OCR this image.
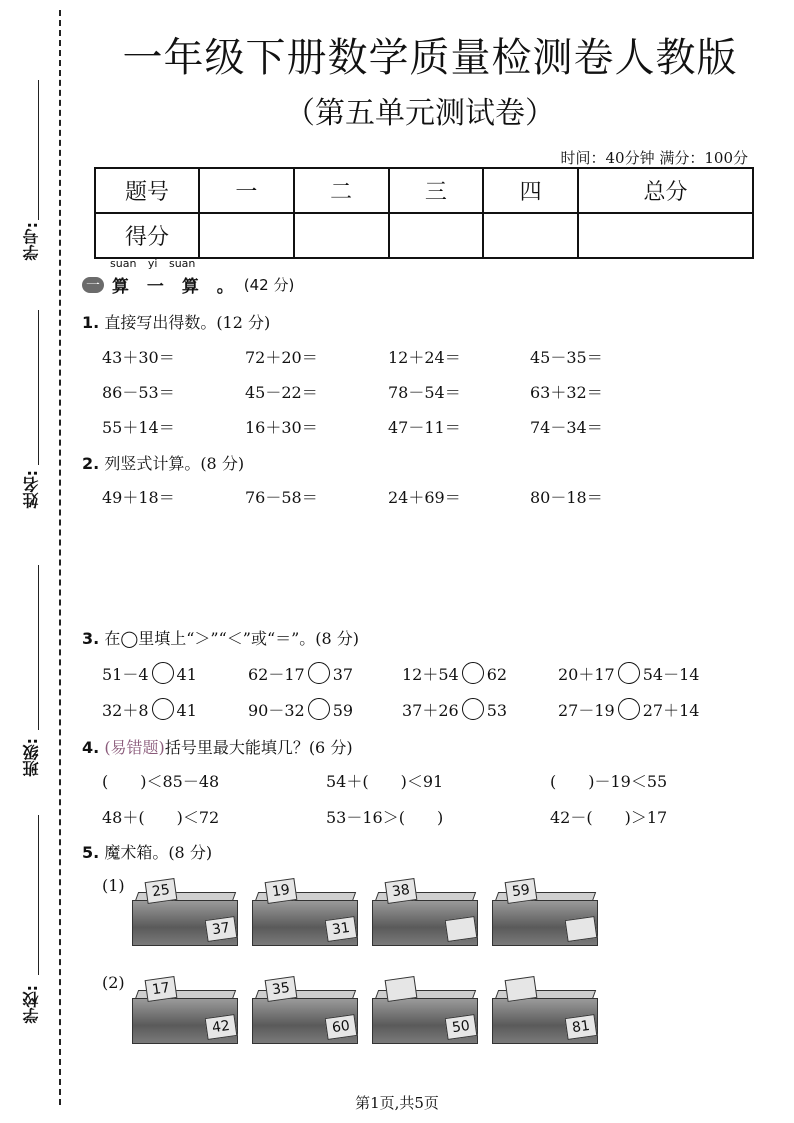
学号:
姓名:
班级:
学校:
一年级下册数学质量检测卷人教版
（第五单元测试卷）
时间：40分钟 满分：100分
题号	一	二	三	四	总分
得分					
suan yi suan
一 算 一 算 。 (42 分)
1. 直接写出得数。(12 分)
43＋30＝	72＋20＝	12＋24＝	45－35＝
86－53＝	45－22＝	78－54＝	63＋32＝
55＋14＝	16＋30＝	47－11＝	74－34＝
2. 列竖式计算。(8 分)
49＋18＝	76－58＝	24＋69＝	80－18＝
3. 在◯里填上“＞”“＜”或“＝”。(8 分)
51－4 41	62－17 37	12＋54 62	20＋17 54－14
32＋8 41	90－32 59	37＋26 53	27－19 27＋14
4. (易错题)括号里最大能填几？(6 分)
(　　)＜85－48	54＋(　　)＜91	(　　)－19＜55
48＋(　　)＜72	53－16＞(　　)	42－(　　)＞17
5. 魔术箱。(8 分)
(1)
(2)
25
37
19
31
38	59
17
42
35
60	50	81
第1页,共5页
